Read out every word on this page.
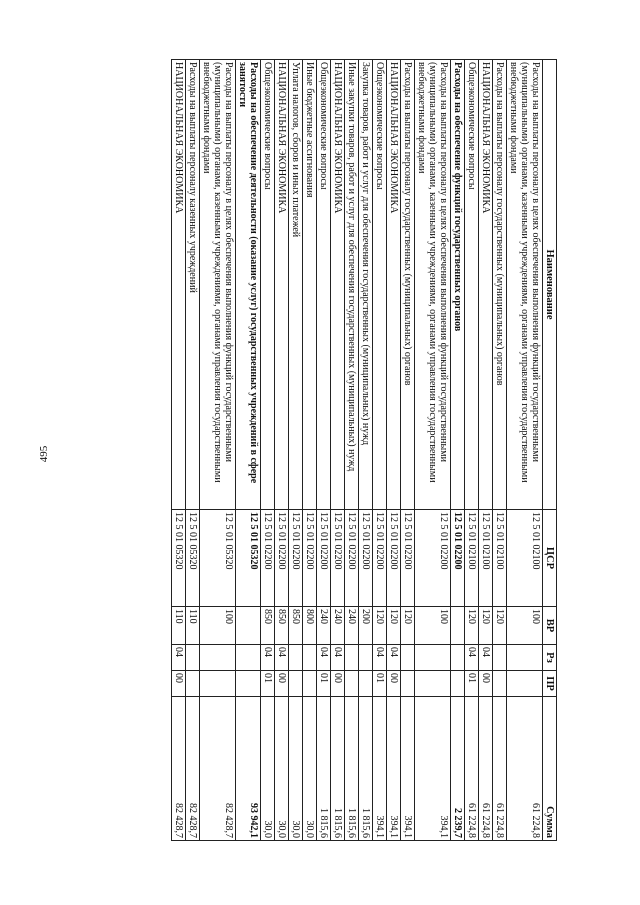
495
Наименование	ЦСР	ВР	Рз	ПР	Сумма
Расходы на выплаты персоналу в целях обеспечения выполнения функций государственными (муниципальными) органами, казенными учреждениями, органами управления государственными внебюджетными фондами	12 5 01 02100	100			61 224,8
Расходы на выплаты персоналу государственных (муниципальных) органов	12 5 01 02100	120			61 224,8
НАЦИОНАЛЬНАЯ ЭКОНОМИКА	12 5 01 02100	120	04	00	61 224,8
Общеэкономические вопросы	12 5 01 02100	120	04	01	61 224,8
Расходы на обеспечение функций государственных органов	12 5 01 02200				2 239,7
Расходы на выплаты персоналу в целях обеспечения выполнения функций государственными (муниципальными) органами, казенными учреждениями, органами управления государственными внебюджетными фондами	12 5 01 02200	100			394,1
Расходы на выплаты персоналу государственных (муниципальных) органов	12 5 01 02200	120			394,1
НАЦИОНАЛЬНАЯ ЭКОНОМИКА	12 5 01 02200	120	04	00	394,1
Общеэкономические вопросы	12 5 01 02200	120	04	01	394,1
Закупка товаров, работ и услуг для обеспечения государственных (муниципальных) нужд	12 5 01 02200	200			1 815,6
Иные закупки товаров, работ и услуг для обеспечения государственных (муниципальных) нужд	12 5 01 02200	240			1 815,6
НАЦИОНАЛЬНАЯ ЭКОНОМИКА	12 5 01 02200	240	04	00	1 815,6
Общеэкономические вопросы	12 5 01 02200	240	04	01	1 815,6
Иные бюджетные ассигнования	12 5 01 02200	800			30,0
Уплата налогов, сборов и иных платежей	12 5 01 02200	850			30,0
НАЦИОНАЛЬНАЯ ЭКОНОМИКА	12 5 01 02200	850	04	00	30,0
Общеэкономические вопросы	12 5 01 02200	850	04	01	30,0
Расходы на обеспечение деятельности (оказание услуг) государственных учреждений в сфере занятости	12 5 01 05320				93 942,1
Расходы на выплаты персоналу в целях обеспечения выполнения функций государственными (муниципальными) органами, казенными учреждениями, органами управления государственными внебюджетными фондами	12 5 01 05320	100			82 428,7
Расходы на выплаты персоналу казенных учреждений	12 5 01 05320	110			82 428,7
НАЦИОНАЛЬНАЯ ЭКОНОМИКА	12 5 01 05320	110	04	00	82 428,7
